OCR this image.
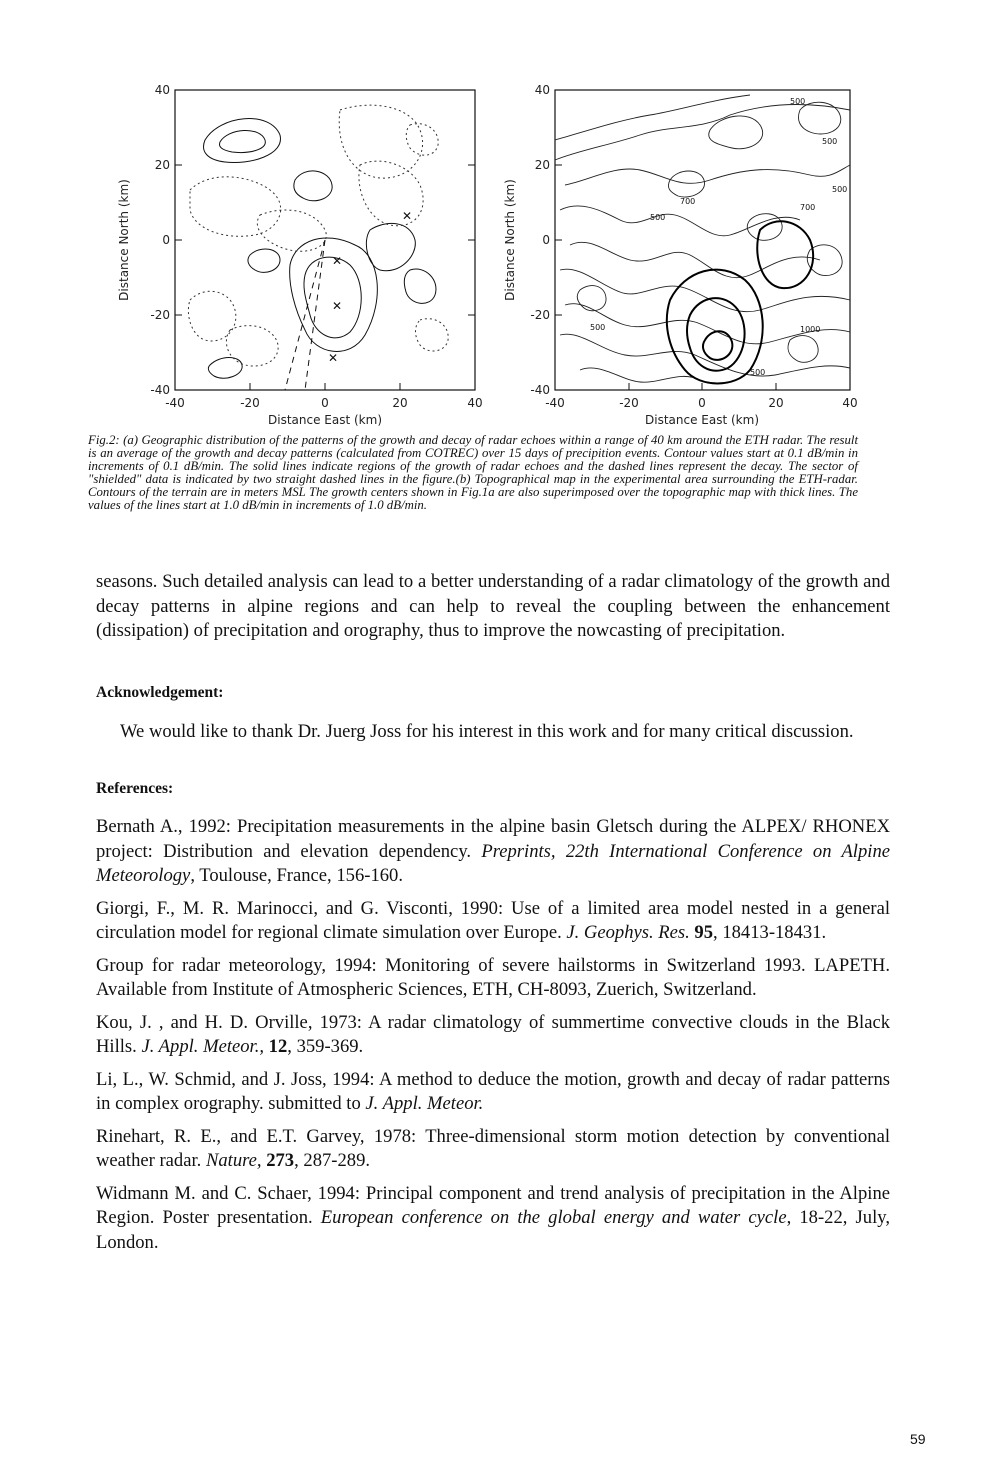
-40	-20	0	20	40
40
20
0
-20
-40
Distance East (km)
Distance North (km)	✕
✕
✕
✕
-40	-20	0	20	40
40
20
0
-20
-40
Distance East (km)
Distance North (km)
500
500
500
700
500
500
700
1000
500
Fig.2: (a) Geographic distribution of the patterns of the growth and decay of radar echoes within a range of 40 km around the ETH radar. The result is an average of the growth and decay patterns (calculated from COTREC) over 15 days of precipition events. Contour values start at 0.1 dB/min in increments of 0.1 dB/min. The solid lines indicate regions of the growth of radar echoes and the dashed lines represent the decay. The sector of "shielded" data is indicated by two straight dashed lines in the figure.(b) Topographical map in the experimental area surrounding the ETH-radar. Contours of the terrain are in meters MSL The growth centers shown in Fig.1a are also superimposed over the topographic map with thick lines. The values of the lines start at 1.0 dB/min in increments of 1.0 dB/min.

seasons. Such detailed analysis can lead to a better understanding of a radar climatology of the growth and decay patterns in alpine regions and can help to reveal the coupling between the enhancement (dissipation) of precipitation and orography, thus to improve the nowcasting of precipitation.

Acknowledgement:

We would like to thank Dr. Juerg Joss for his interest in this work and for many critical discussion.

References:

Bernath A., 1992: Precipitation measurements in the alpine basin Gletsch during the ALPEX/ RHONEX project: Distribution and elevation dependency. Preprints, 22th International Conference on Alpine Meteorology, Toulouse, France, 156-160.

Giorgi, F., M. R. Marinocci, and G. Visconti, 1990: Use of a limited area model nested in a general circulation model for regional climate simulation over Europe. J. Geophys. Res. 95, 18413-18431.

Group for radar meteorology, 1994: Monitoring of severe hailstorms in Switzerland 1993. LAPETH. Available from Institute of Atmospheric Sciences, ETH, CH-8093, Zuerich, Switzerland.

Kou, J. , and H. D. Orville, 1973: A radar climatology of summertime convective clouds in the Black Hills. J. Appl. Meteor., 12, 359-369.

Li, L., W. Schmid, and J. Joss, 1994: A method to deduce the motion, growth and decay of radar patterns in complex orography. submitted to J. Appl. Meteor.

Rinehart, R. E., and E.T. Garvey, 1978: Three-dimensional storm motion detection by conventional weather radar. Nature, 273, 287-289.

Widmann M. and C. Schaer, 1994: Principal component and trend analysis of precipitation in the Alpine Region. Poster presentation. European conference on the global energy and water cycle, 18-22, July, London.

59
